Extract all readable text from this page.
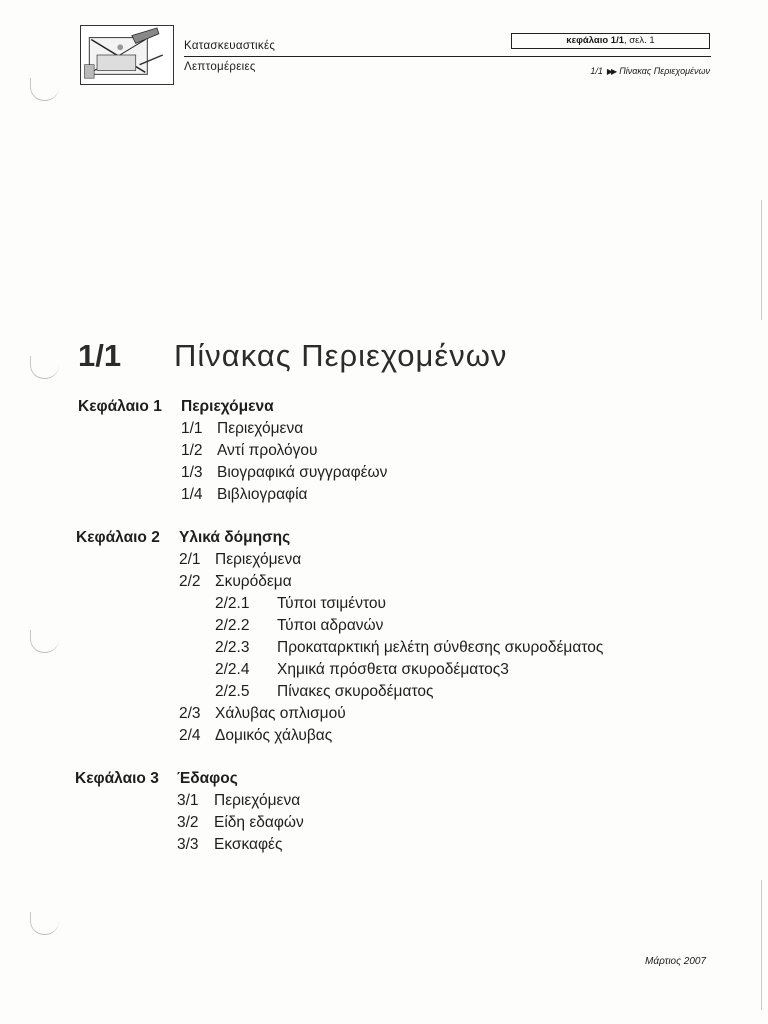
Κατασκευαστικές
Λεπτομέρειες
κεφάλαιο 1/1, σελ. 1
1/1 ▶▶ Πίνακας Περιεχομένων
1/1 Πίνακας Περιεχομένων
Κεφάλαιο 1 Περιεχόμενα
1/1 Περιεχόμενα
1/2 Αντί προλόγου
1/3 Βιογραφικά συγγραφέων
1/4 Βιβλιογραφία
Κεφάλαιο 2 Υλικά δόμησης
2/1 Περιεχόμενα
2/2 Σκυρόδεμα
2/2.1 Τύποι τσιμέντου
2/2.2 Τύποι αδρανών
2/2.3 Προκαταρκτική μελέτη σύνθεσης σκυροδέματος
2/2.4 Χημικά πρόσθετα σκυροδέματος3
2/2.5 Πίνακες σκυροδέματος
2/3 Χάλυβας οπλισμού
2/4 Δομικός χάλυβας
Κεφάλαιο 3 Έδαφος
3/1 Περιεχόμενα
3/2 Είδη εδαφών
3/3 Εκσκαφές
Μάρτιος 2007
